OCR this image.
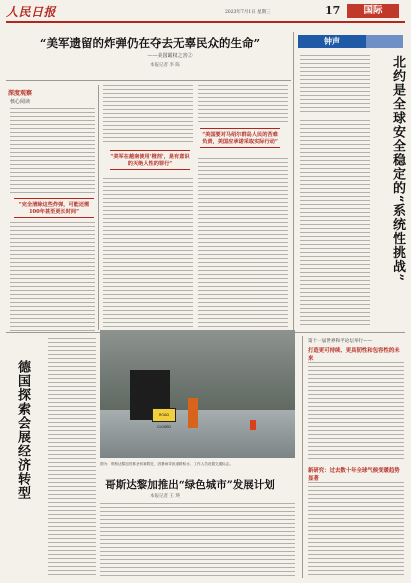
人民日报	2023年7月1日 星期三	17	国际
“美军遗留的炸弹仍在夺去无辜民众的生命”
——美国霸权之害②
本报记者 李 陈
深度观察
核心阅读
“完全清除这些炸弹，可能还需100年甚至更长时间”
“美军在越南使用‘橙剂’，是有意识的灭绝人性的罪行”
“美国要对马绍尔群岛人民的苦难负责，美国应承诺采取实际行动”
钟声
北约是全球安全稳定的“系统性挑战”
德国探索会展经济转型	ROAD CLOSED
图为：哥斯达黎加首都圣何塞附近，因暴雨导致道路积水，工作人员设置交通标志。
哥斯达黎加推出“绿色城市”发展计划
本报记者 王 瑛
第十一届世界和平论坛举行——
打造更可持续、更具韧性和包容性的未来
新研究：过去数十年全球气候变暖趋势显著
